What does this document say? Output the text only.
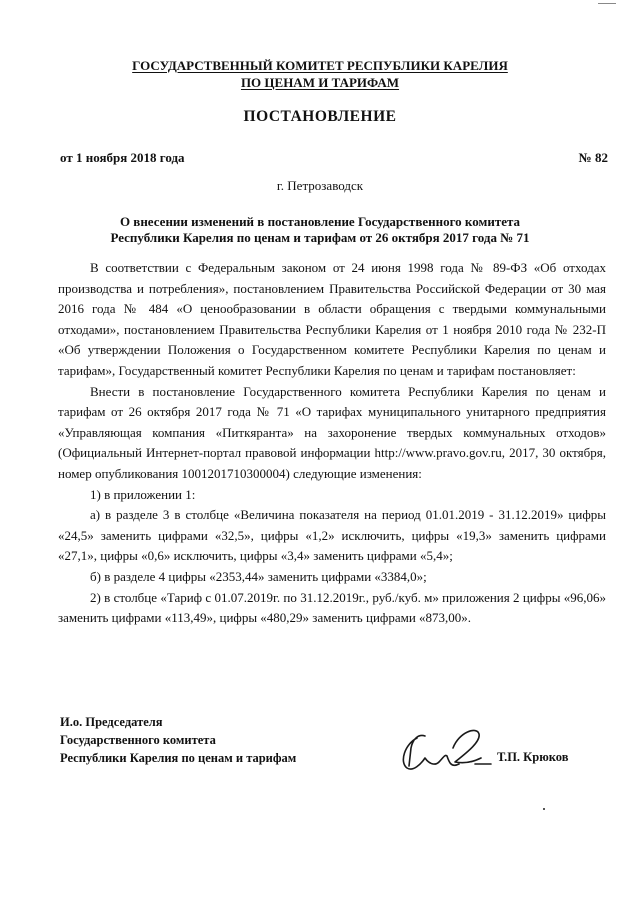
ГОСУДАРСТВЕННЫЙ КОМИТЕТ РЕСПУБЛИКИ КАРЕЛИЯ
ПО ЦЕНАМ И ТАРИФАМ
ПОСТАНОВЛЕНИЕ
от 1 ноября 2018 года	№ 82
г. Петрозаводск
О внесении изменений в постановление Государственного комитета
Республики Карелия по ценам и тарифам от 26 октября 2017 года № 71

В соответствии с Федеральным законом от 24 июня 1998 года № 89-ФЗ «Об отходах производства и потребления», постановлением Правительства Российской Федерации от 30 мая 2016 года № 484 «О ценообразовании в области обращения с твердыми коммунальными отходами», постановлением Правительства Республики Карелия от 1 ноября 2010 года № 232-П «Об утверждении Положения о Государственном комитете Республики Карелия по ценам и тарифам», Государственный комитет Республики Карелия по ценам и тарифам постановляет:

Внести в постановление Государственного комитета Республики Карелия по ценам и тарифам от 26 октября 2017 года № 71 «О тарифах муниципального унитарного предприятия «Управляющая компания «Питкяранта» на захоронение твердых коммунальных отходов» (Официальный Интернет-портал правовой информации http://www.pravo.gov.ru, 2017, 30 октября, номер опубликования 1001201710300004) следующие изменения:

1) в приложении 1:

а) в разделе 3 в столбце «Величина показателя на период 01.01.2019 - 31.12.2019» цифры «24,5» заменить цифрами «32,5», цифры «1,2» исключить, цифры «19,3» заменить цифрами «27,1», цифры «0,6» исключить, цифры «3,4» заменить цифрами «5,4»;

б) в разделе 4 цифры «2353,44» заменить цифрами «3384,0»;

2) в столбце «Тариф с 01.07.2019г. по 31.12.2019г., руб./куб. м» приложения 2 цифры «96,06» заменить цифрами «113,49», цифры «480,29» заменить цифрами «873,00».

И.о. Председателя
Государственного комитета
Республики Карелия по ценам и тарифам	Т.П. Крюков
